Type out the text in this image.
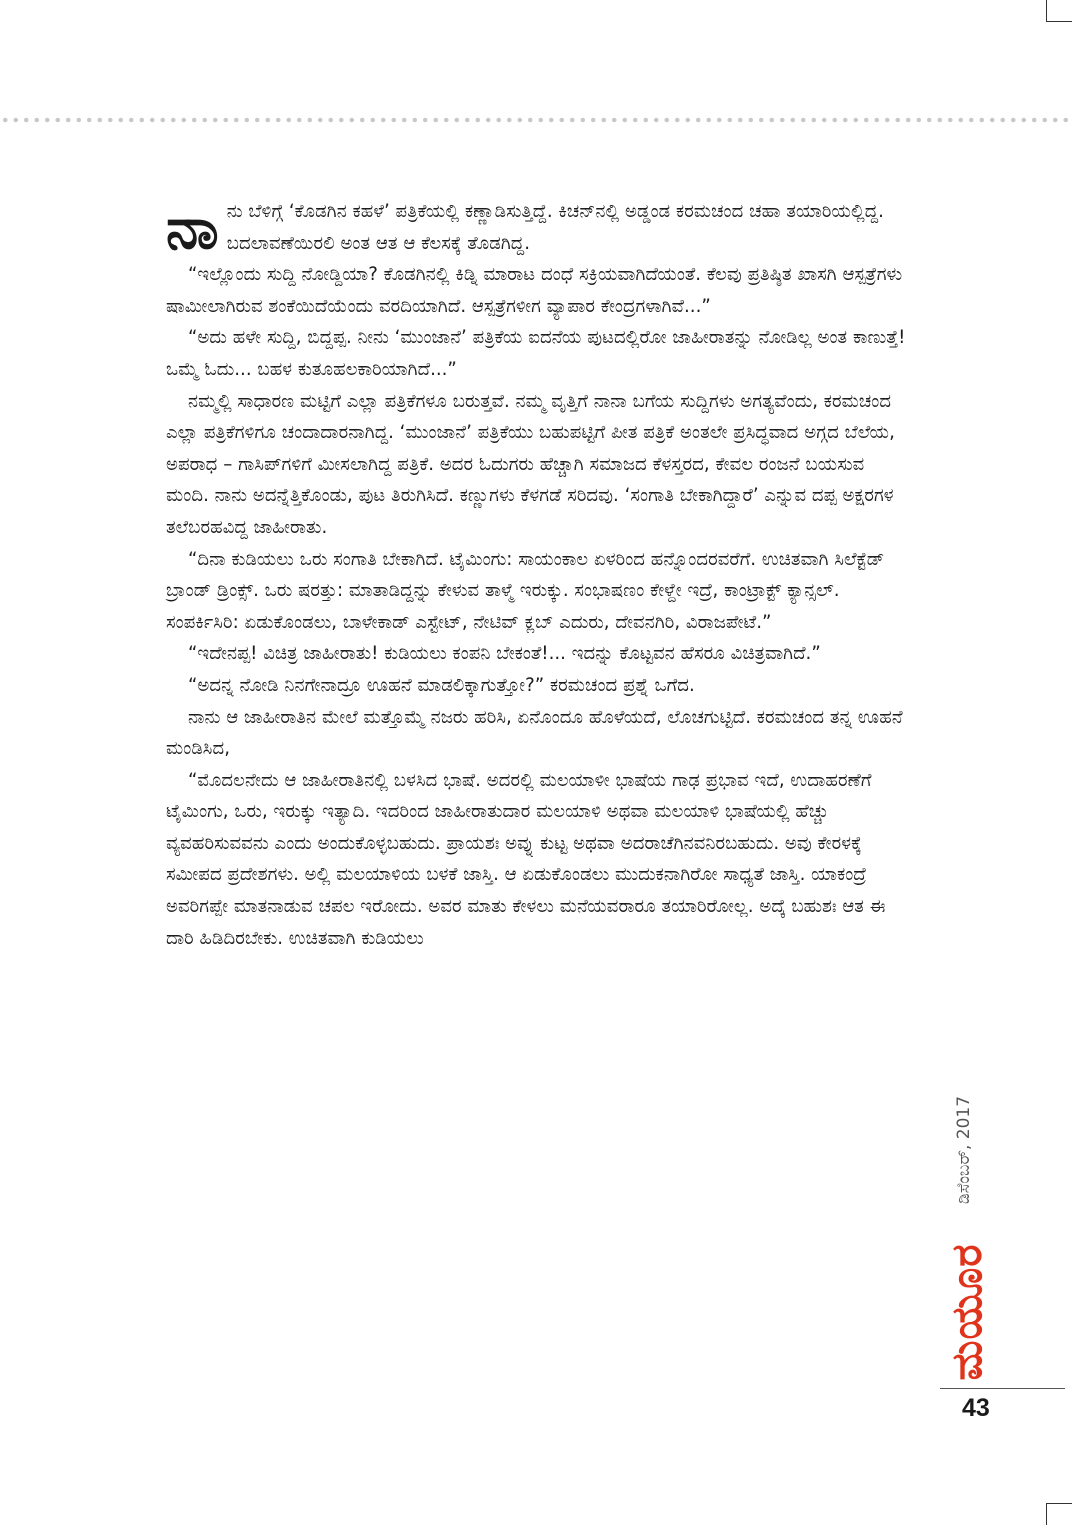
ನಾನು ಬೆಳಿಗ್ಗೆ ‘ಕೊಡಗಿನ ಕಹಳೆ’ ಪತ್ರಿಕೆಯಲ್ಲಿ ಕಣ್ಣಾಡಿಸುತ್ತಿದ್ದೆ. ಕಿಚನ್‌ನಲ್ಲಿ ಅಡ್ಡಂಡ ಕರಮಚಂದ ಚಹಾ ತಯಾರಿಯಲ್ಲಿದ್ದ. ಬದಲಾವಣೆಯಿರಲಿ ಅಂತ ಆತ ಆ ಕೆಲಸಕ್ಕೆ ತೊಡಗಿದ್ದ.

“ಇಲ್ಲೊಂದು ಸುದ್ದಿ ನೋಡ್ದಿಯಾ? ಕೊಡಗಿನಲ್ಲಿ ಕಿಡ್ನಿ ಮಾರಾಟ ದಂಧೆ ಸಕ್ರಿಯವಾಗಿದೆಯಂತೆ. ಕೆಲವು ಪ್ರತಿಷ್ಠಿತ ಖಾಸಗಿ ಆಸ್ಪತ್ರೆಗಳು ಷಾಮೀಲಾಗಿರುವ ಶಂಕೆಯಿದೆಯೆಂದು ವರದಿಯಾಗಿದೆ. ಆಸ್ಪತ್ರೆಗಳೀಗ ವ್ಯಾಪಾರ ಕೇಂದ್ರಗಳಾಗಿವೆ...”

“ಅದು ಹಳೇ ಸುದ್ದಿ, ಬಿದ್ದಪ್ಪ. ನೀನು ‘ಮುಂಜಾನೆ’ ಪತ್ರಿಕೆಯ ಐದನೆಯ ಪುಟದಲ್ಲಿರೋ ಜಾಹೀರಾತನ್ನು ನೋಡಿಲ್ಲ ಅಂತ ಕಾಣುತ್ತೆ! ಒಮ್ಮೆ ಓದು... ಬಹಳ ಕುತೂಹಲಕಾರಿಯಾಗಿದೆ...”

ನಮ್ಮಲ್ಲಿ ಸಾಧಾರಣ ಮಟ್ಟಿಗೆ ಎಲ್ಲಾ ಪತ್ರಿಕೆಗಳೂ ಬರುತ್ತವೆ. ನಮ್ಮ ವೃತ್ತಿಗೆ ನಾನಾ ಬಗೆಯ ಸುದ್ದಿಗಳು ಅಗತ್ಯವೆಂದು, ಕರಮಚಂದ ಎಲ್ಲಾ ಪತ್ರಿಕೆಗಳಿಗೂ ಚಂದಾದಾರನಾಗಿದ್ದ. ‘ಮುಂಜಾನೆ’ ಪತ್ರಿಕೆಯು ಬಹುಪಟ್ಟಿಗೆ ಪೀತ ಪತ್ರಿಕೆ ಅಂತಲೇ ಪ್ರಸಿದ್ಧವಾದ ಅಗ್ಗದ ಬೆಲೆಯ, ಅಪರಾಧ – ಗಾಸಿಪ್‌ಗಳಿಗೆ ಮೀಸಲಾಗಿದ್ದ ಪತ್ರಿಕೆ. ಅದರ ಓದುಗರು ಹೆಚ್ಚಾಗಿ ಸಮಾಜದ ಕೆಳಸ್ತರದ, ಕೇವಲ ರಂಜನೆ ಬಯಸುವ ಮಂದಿ. ನಾನು ಅದನ್ನೆತ್ತಿಕೊಂಡು, ಪುಟ ತಿರುಗಿಸಿದೆ. ಕಣ್ಣುಗಳು ಕೆಳಗಡೆ ಸರಿದವು. ‘ಸಂಗಾತಿ ಬೇಕಾಗಿದ್ದಾರೆ’ ಎನ್ನುವ ದಪ್ಪ ಅಕ್ಷರಗಳ ತಲೆಬರಹವಿದ್ದ ಜಾಹೀರಾತು.

“ದಿನಾ ಕುಡಿಯಲು ಒರು ಸಂಗಾತಿ ಬೇಕಾಗಿದೆ. ಟೈಮಿಂಗು: ಸಾಯಂಕಾಲ ಏಳರಿಂದ ಹನ್ನೊಂದರವರೆಗೆ. ಉಚಿತವಾಗಿ ಸಿಲೆಕ್ಟೆಡ್ ಬ್ರಾಂಡ್ ಡ್ರಿಂಕ್ಸ್. ಒರು ಷರತ್ತು: ಮಾತಾಡಿದ್ದನ್ನು ಕೇಳುವ ತಾಳ್ಮೆ ಇರುಕ್ಕು. ಸಂಭಾಷಣಂ ಕೇಳ್ದೇ ಇದ್ರೆ, ಕಾಂಟ್ರಾಕ್ಟ್ ಕ್ಯಾನ್ಸಲ್. ಸಂಪರ್ಕಿಸಿರಿ: ಏಡುಕೊಂಡಲು, ಬಾಳೇಕಾಡ್ ಎಸ್ಟೇಟ್, ನೇಟಿವ್ ಕ್ಲಬ್ ಎದುರು, ದೇವನಗಿರಿ, ವಿರಾಜಪೇಟೆ.”

“ಇದೇನಪ್ಪ! ವಿಚಿತ್ರ ಜಾಹೀರಾತು! ಕುಡಿಯಲು ಕಂಪನಿ ಬೇಕಂತೆ!... ಇದನ್ನು ಕೊಟ್ಟವನ ಹೆಸರೂ ವಿಚಿತ್ರವಾಗಿದೆ.”

“ಅದನ್ನ ನೋಡಿ ನಿನಗೇನಾದ್ರೂ ಊಹನೆ ಮಾಡಲಿಕ್ಕಾಗುತ್ತೋ?” ಕರಮಚಂದ ಪ್ರಶ್ನೆ ಒಗೆದ.

ನಾನು ಆ ಜಾಹೀರಾತಿನ ಮೇಲೆ ಮತ್ತೊಮ್ಮೆ ನಜರು ಹರಿಸಿ, ಏನೊಂದೂ ಹೊಳೆಯದೆ, ಲೊಚಗುಟ್ಟಿದೆ. ಕರಮಚಂದ ತನ್ನ ಊಹನೆ ಮಂಡಿಸಿದ,

“ಮೊದಲನೇದು ಆ ಜಾಹೀರಾತಿನಲ್ಲಿ ಬಳಸಿದ ಭಾಷೆ. ಅದರಲ್ಲಿ ಮಲಯಾಳೀ ಭಾಷೆಯ ಗಾಢ ಪ್ರಭಾವ ಇದೆ, ಉದಾಹರಣೆಗೆ ಟೈಮಿಂಗು, ಒರು, ಇರುಕ್ಕು ಇತ್ಯಾದಿ. ಇದರಿಂದ ಜಾಹೀರಾತುದಾರ ಮಲಯಾಳಿ ಅಥವಾ ಮಲಯಾಳಿ ಭಾಷೆಯಲ್ಲಿ ಹೆಚ್ಚು ವ್ಯವಹರಿಸುವವನು ಎಂದು ಅಂದುಕೊಳ್ಳಬಹುದು. ಪ್ರಾಯಶಃ ಅವ್ನು ಕುಟ್ಟ ಅಥವಾ ಅದರಾಚೆಗಿನವನಿರಬಹುದು. ಅವು ಕೇರಳಕ್ಕೆ ಸಮೀಪದ ಪ್ರದೇಶಗಳು. ಅಲ್ಲಿ ಮಲಯಾಳಿಯ ಬಳಕೆ ಜಾಸ್ತಿ. ಆ ಏಡುಕೊಂಡಲು ಮುದುಕನಾಗಿರೋ ಸಾಧ್ಯತೆ ಜಾಸ್ತಿ. ಯಾಕಂದ್ರೆ ಅವರಿಗಪ್ಪೇ ಮಾತನಾಡುವ ಚಪಲ ಇರೋದು. ಅವರ ಮಾತು ಕೇಳಲು ಮನೆಯವರಾರೂ ತಯಾರಿರೋಲ್ಲ. ಅದ್ಕೆ ಬಹುಶಃ ಆತ ಈ ದಾರಿ ಹಿಡಿದಿರಬೇಕು. ಉಚಿತವಾಗಿ ಕುಡಿಯಲು

ಡಿಸೆಂಬರ್, 2017
ಮಯೂರ
43
